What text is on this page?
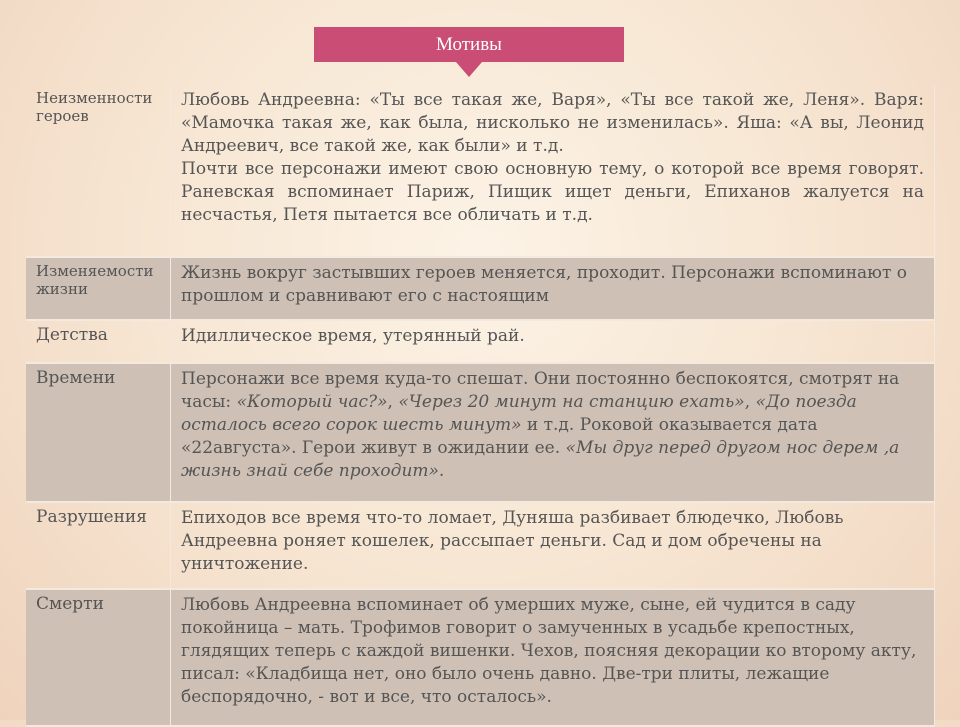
Мотивы
Неизменности героев	Любовь Андреевна: «Ты все такая же, Варя», «Ты все такой же, Леня». Варя: «Мамочка такая же, как была, нисколько не изменилась». Яша: «А вы, Леонид Андреевич, все такой же, как были» и т.д.
Почти все персонажи имеют свою основную тему, о которой все время говорят. Раневская вспоминает Париж, Пищик ищет деньги, Епиханов жалуется на несчастья, Петя пытается все обличать и т.д.

Изменяемости жизни	Жизнь вокруг застывших героев меняется, проходит. Персонажи вспоминают о прошлом и сравнивают его с настоящим
Детства	Идиллическое время, утерянный рай.
Времени	Персонажи все время куда-то спешат. Они постоянно беспокоятся, смотрят на часы: «Который час?», «Через 20 минут на станцию ехать», «До поезда осталось всего сорок шесть минут» и т.д. Роковой оказывается дата «22августа». Герои живут в ожидании ее. «Мы друг перед другом нос дерем ,а жизнь знай себе проходит».
Разрушения	Епиходов все время что-то ломает, Дуняша разбивает блюдечко, Любовь Андреевна роняет кошелек, рассыпает деньги. Сад и дом обречены на уничтожение.
Смерти	Любовь Андреевна вспоминает об умерших муже, сыне, ей чудится в саду покойница – мать. Трофимов говорит о замученных в усадьбе крепостных, глядящих теперь с каждой вишенки. Чехов, поясняя декорации ко второму акту, писал: «Кладбища нет, оно было очень давно. Две-три плиты, лежащие беспорядочно, - вот и все, что осталось».
